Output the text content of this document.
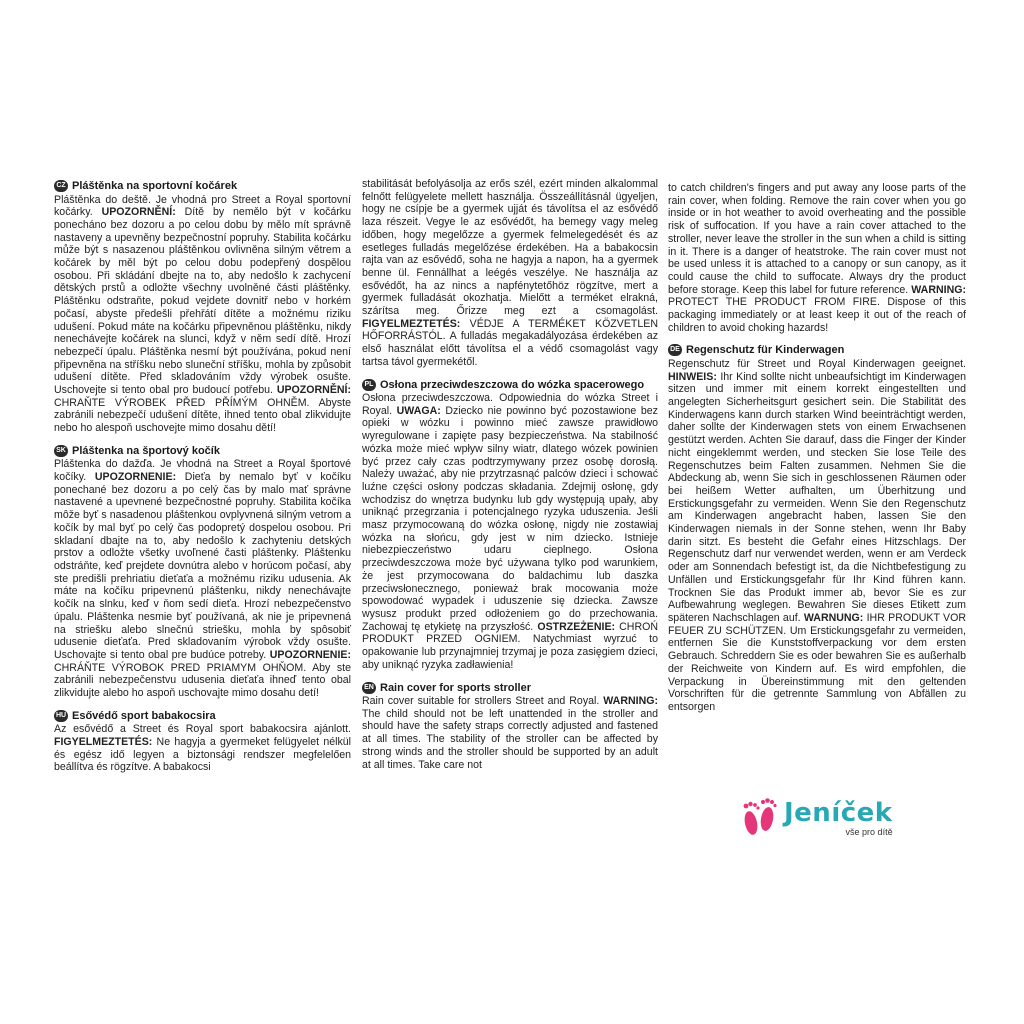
CZ Pláštěnka na sportovní kočárek
Pláštěnka do deště. Je vhodná pro Street a Royal sportovní kočárky. UPOZORNĚNÍ: Dítě by nemělo být v kočárku ponecháno bez dozoru a po celou dobu by mělo mít správně nastaveny a upevněny bezpečnostní popruhy. Stabilita kočárku může být s nasazenou pláštěnkou ovlivněna silným větrem a kočárek by měl být po celou dobu podepřený dospělou osobou. Při skládání dbejte na to, aby nedošlo k zachycení dětských prstů a odložte všechny uvolněné části pláštěnky. Pláštěnku odstraňte, pokud vejdete dovnitř nebo v horkém počasí, abyste předešli přehřátí dítěte a možnému riziku udušení. Pokud máte na kočárku připevněnou pláštěnku, nikdy nenechávejte kočárek na slunci, když v něm sedí dítě. Hrozí nebezpečí úpalu. Pláštěnka nesmí být používána, pokud není připevněna na stříšku nebo sluneční stříšku, mohla by způsobit udušení dítěte. Před skladováním vždy výrobek osušte. Uschovejte si tento obal pro budoucí potřebu. UPOZORNĚNÍ: CHRAŇTE VÝROBEK PŘED PŘÍMÝM OHNĚM. Abyste zabránili nebezpečí udušení dítěte, ihned tento obal zlikvidujte nebo ho alespoň uschovejte mimo dosahu dětí!
SK Pláštenka na športový kočík
Pláštenka do dažďa. Je vhodná na Street a Royal športové kočíky. UPOZORNENIE: Dieťa by nemalo byť v kočíku ponechané bez dozoru a po celý čas by malo mať správne nastavené a upevnené bezpečnostné popruhy. Stabilita kočíka môže byť s nasadenou pláštenkou ovplyvnená silným vetrom a kočík by mal byť po celý čas podopretý dospelou osobou. Pri skladaní dbajte na to, aby nedošlo k zachyteniu detských prstov a odložte všetky uvoľnené časti pláštenky. Pláštenku odstráňte, keď prejdete dovnútra alebo v horúcom počasí, aby ste predišli prehriatiu dieťaťa a možnému riziku udusenia. Ak máte na kočíku pripevnenú pláštenku, nikdy nenechávajte kočík na slnku, keď v ňom sedí dieťa. Hrozí nebezpečenstvo úpalu. Pláštenka nesmie byť používaná, ak nie je pripevnená na striešku alebo slnečnú striešku, mohla by spôsobiť udusenie dieťaťa. Pred skladovaním výrobok vždy osušte. Uschovajte si tento obal pre budúce potreby. UPOZORNENIE: CHRÁŇTE VÝROBOK PRED PRIAMYM OHŇOM. Aby ste zabránili nebezpečenstvu udusenia dieťaťa ihneď tento obal zlikvidujte alebo ho aspoň uschovajte mimo dosahu detí!
HU Esővédő sport babakocsira
Az esővédő a Street és Royal sport babakocsira ajánlott. FIGYELMEZTETÉS: Ne hagyja a gyermeket felügyelet nélkül és egész idő legyen a biztonsági rendszer megfelelően beállítva és rögzítve. A babakocsi
stabilitását befolyásolja az erős szél, ezért minden alkalommal felnőtt felügyelete mellett használja. Összeállításnál ügyeljen, hogy ne csípje be a gyermek ujját és távolítsa el az esővédő laza részeit. Vegye le az esővédőt, ha bemegy vagy meleg időben, hogy megelőzze a gyermek felmelegedését és az esetleges fulladás megelőzése érdekében. Ha a babakocsin rajta van az esővédő, soha ne hagyja a napon, ha a gyermek benne ül. Fennállhat a leégés veszélye. Ne használja az esővédőt, ha az nincs a napfénytetőhöz rögzítve, mert a gyermek fulladását okozhatja. Mielőtt a terméket elrakná, szárítsa meg. Őrizze meg ezt a csomagolást. FIGYELMEZTETÉS: VÉDJE A TERMÉKET KÖZVETLEN HŐFORRÁSTÓL. A fulladás megakadályozása érdekében az első használat előtt távolítsa el a védő csomagolást vagy tartsa távol gyermekétől.
PL Osłona przeciwdeszczowa do wózka spacerowego
Osłona przeciwdeszczowa. Odpowiednia do wózka Street i Royal. UWAGA: Dziecko nie powinno być pozostawione bez opieki w wózku i powinno mieć zawsze prawidłowo wyregulowane i zapięte pasy bezpieczeństwa. Na stabilność wózka może mieć wpływ silny wiatr, dlatego wózek powinien być przez cały czas podtrzymywany przez osobę dorosłą. Należy uważać, aby nie przytrzasnąć palców dzieci i schować luźne części osłony podczas składania. Zdejmij osłonę, gdy wchodzisz do wnętrza budynku lub gdy występują upały, aby uniknąć przegrzania i potencjalnego ryzyka uduszenia. Jeśli masz przymocowaną do wózka osłonę, nigdy nie zostawiaj wózka na słońcu, gdy jest w nim dziecko. Istnieje niebezpieczeństwo udaru cieplnego. Osłona przeciwdeszczowa może być używana tylko pod warunkiem, że jest przymocowana do baldachimu lub daszka przeciwsłonecznego, ponieważ brak mocowania może spowodować wypadek i uduszenie się dziecka. Zawsze wysusz produkt przed odłożeniem go do przechowania. Zachowaj tę etykietę na przyszłość. OSTRZEŻENIE: CHROŃ PRODUKT PRZED OGNIEM. Natychmiast wyrzuć to opakowanie lub przynajmniej trzymaj je poza zasięgiem dzieci, aby uniknąć ryzyka zadławienia!
EN Rain cover for sports stroller
Rain cover suitable for strollers Street and Royal. WARNING: The child should not be left unattended in the stroller and should have the safety straps correctly adjusted and fastened at all times. The stability of the stroller can be affected by strong winds and the stroller should be supported by an adult at all times. Take care not
to catch children's fingers and put away any loose parts of the rain cover, when folding. Remove the rain cover when you go inside or in hot weather to avoid overheating and the possible risk of suffocation. If you have a rain cover attached to the stroller, never leave the stroller in the sun when a child is sitting in it. There is a danger of heatstroke. The rain cover must not be used unless it is attached to a canopy or sun canopy, as it could cause the child to suffocate. Always dry the product before storage. Keep this label for future reference. WARNING: PROTECT THE PRODUCT FROM FIRE. Dispose of this packaging immediately or at least keep it out of the reach of children to avoid choking hazards!
DE Regenschutz für Kinderwagen
Regenschutz für Street und Royal Kinderwagen geeignet. HINWEIS: Ihr Kind sollte nicht unbeaufsichtigt im Kinderwagen sitzen und immer mit einem korrekt eingestellten und angelegten Sicherheitsgurt gesichert sein. Die Stabilität des Kinderwagens kann durch starken Wind beeinträchtigt werden, daher sollte der Kinderwagen stets von einem Erwachsenen gestützt werden. Achten Sie darauf, dass die Finger der Kinder nicht eingeklemmt werden, und stecken Sie lose Teile des Regenschutzes beim Falten zusammen. Nehmen Sie die Abdeckung ab, wenn Sie sich in geschlossenen Räumen oder bei heißem Wetter aufhalten, um Überhitzung und Erstickungsgefahr zu vermeiden. Wenn Sie den Regenschutz am Kinderwagen angebracht haben, lassen Sie den Kinderwagen niemals in der Sonne stehen, wenn Ihr Baby darin sitzt. Es besteht die Gefahr eines Hitzschlags. Der Regenschutz darf nur verwendet werden, wenn er am Verdeck oder am Sonnendach befestigt ist, da die Nichtbefestigung zu Unfällen und Erstickungsgefahr für Ihr Kind führen kann. Trocknen Sie das Produkt immer ab, bevor Sie es zur Aufbewahrung weglegen. Bewahren Sie dieses Etikett zum späteren Nachschlagen auf. WARNUNG: IHR PRODUKT VOR FEUER ZU SCHÜTZEN. Um Erstickungsgefahr zu vermeiden, entfernen Sie die Kunststoffverpackung vor dem ersten Gebrauch. Schreddern Sie es oder bewahren Sie es außerhalb der Reichweite von Kindern auf. Es wird empfohlen, die Verpackung in Übereinstimmung mit den geltenden Vorschriften für die getrennte Sammlung von Abfällen zu entsorgen
Jeníček
vše pro dítě
